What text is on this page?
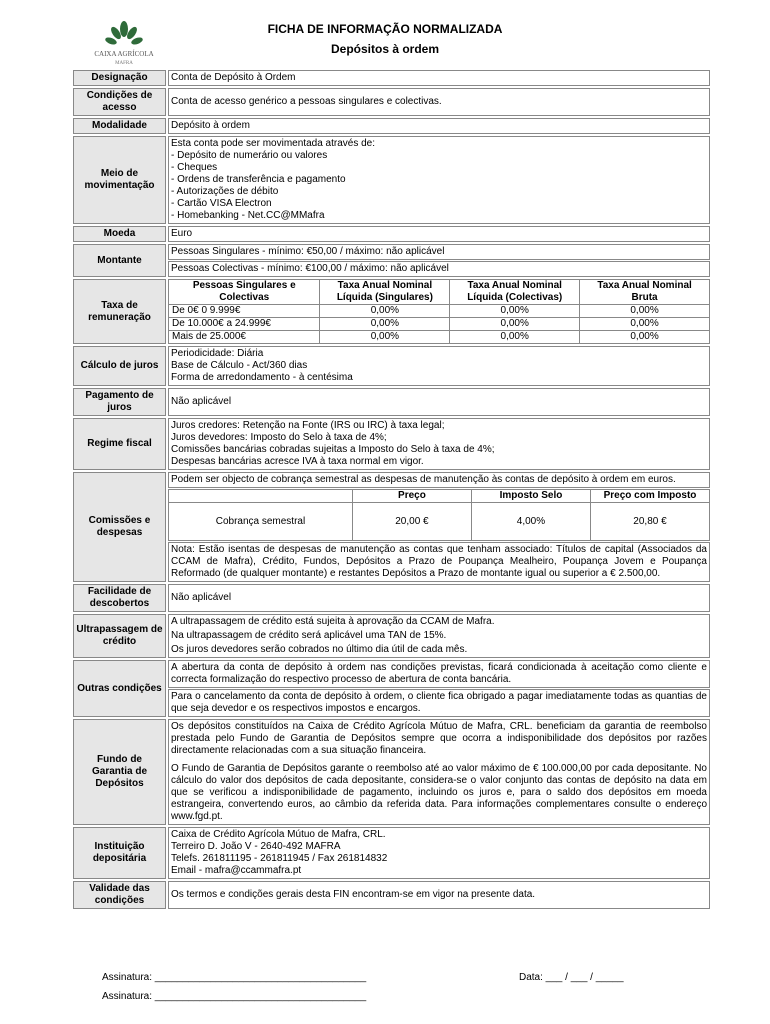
CAIXA AGRÍCOLA
MAFRA
FICHA DE INFORMAÇÃO NORMALIZADA
Depósitos à ordem
Designação	Conta de Depósito à Ordem
Condições de acesso
Conta de acesso genérico a pessoas singulares e colectivas.
Modalidade	Depósito à ordem
Meio de movimentação
Esta conta pode ser movimentada através de:
- Depósito de numerário ou valores
- Cheques
- Ordens de transferência e pagamento
- Autorizações de débito
- Cartão VISA Electron
- Homebanking - Net.CC@MMafra
Moeda	Euro
Montante
Pessoas Singulares - mínimo: €50,00 / máximo: não aplicável
Pessoas Colectivas - mínimo: €100,00 / máximo: não aplicável
Taxa de remuneração
Pessoas Singulares e Colectivas	Taxa Anual Nominal Líquida (Singulares)	Taxa Anual Nominal Líquida (Colectivas)	Taxa Anual Nominal Bruta
De 0€ 0 9.999€	0,00%	0,00%	0,00%
De 10.000€ a 24.999€	0,00%	0,00%	0,00%
Mais de 25.000€	0,00%	0,00%	0,00%
Cálculo de juros
Periodicidade: Diária
Base de Cálculo - Act/360 dias
Forma de arredondamento - à centésima
Pagamento de juros
Não aplicável
Regime fiscal
Juros credores: Retenção na Fonte (IRS ou IRC) à taxa legal;
Juros devedores: Imposto do Selo à taxa de 4%;
Comissões bancárias cobradas sujeitas a Imposto do Selo à taxa de 4%;
Despesas bancárias acresce IVA à taxa normal em vigor.
Comissões e despesas
Podem ser objecto de cobrança semestral as despesas de manutenção às contas de depósito à ordem em euros.
	Preço	Imposto Selo	Preço com Imposto
Cobrança semestral	20,00 €	4,00%	20,80 €
Nota: Estão isentas de despesas de manutenção as contas que tenham associado: Títulos de capital (Associados da CCAM de Mafra), Crédito, Fundos, Depósitos a Prazo de Poupança Mealheiro, Poupança Jovem e Poupança Reformado (de qualquer montante) e restantes Depósitos a Prazo de montante igual ou superior a € 2.500,00.
Facilidade de descobertos
Não aplicável
Ultrapassagem de crédito
A ultrapassagem de crédito está sujeita à aprovação da CCAM de Mafra.
Na ultrapassagem de crédito será aplicável uma TAN de 15%.
Os juros devedores serão cobrados no último dia útil de cada mês.
Outras condições
A abertura da conta de depósito à ordem nas condições previstas, ficará condicionada à aceitação como cliente e correcta formalização do respectivo processo de abertura de conta bancária.
Para o cancelamento da conta de depósito à ordem, o cliente fica obrigado a pagar imediatamente todas as quantias de que seja devedor e os respectivos impostos e encargos.
Fundo de Garantia de Depósitos
Os depósitos constituídos na Caixa de Crédito Agrícola Mútuo de Mafra, CRL. beneficiam da garantia de reembolso prestada pelo Fundo de Garantia de Depósitos sempre que ocorra a indisponibilidade dos depósitos por razões directamente relacionadas com a sua situação financeira.
O Fundo de Garantia de Depósitos garante o reembolso até ao valor máximo de € 100.000,00 por cada depositante. No cálculo do valor dos depósitos de cada depositante, considera-se o valor conjunto das contas de depósito na data em que se verificou a indisponibilidade de pagamento, incluindo os juros e, para o saldo dos depósitos em moeda estrangeira, convertendo euros, ao câmbio da referida data. Para informações complementares consulte o endereço www.fgd.pt.
Instituição depositária
Caixa de Crédito Agrícola Mútuo de Mafra, CRL.
Terreiro D. João V - 2640-492 MAFRA
Telefs. 261811195 - 261811945 / Fax 261814832
Email - mafra@ccammafra.pt
Validade das condições
Os termos e condições gerais desta FIN encontram-se em vigor na presente data.
Assinatura: ______________________________________
Assinatura: ______________________________________
Data: ___ / ___ / _____
